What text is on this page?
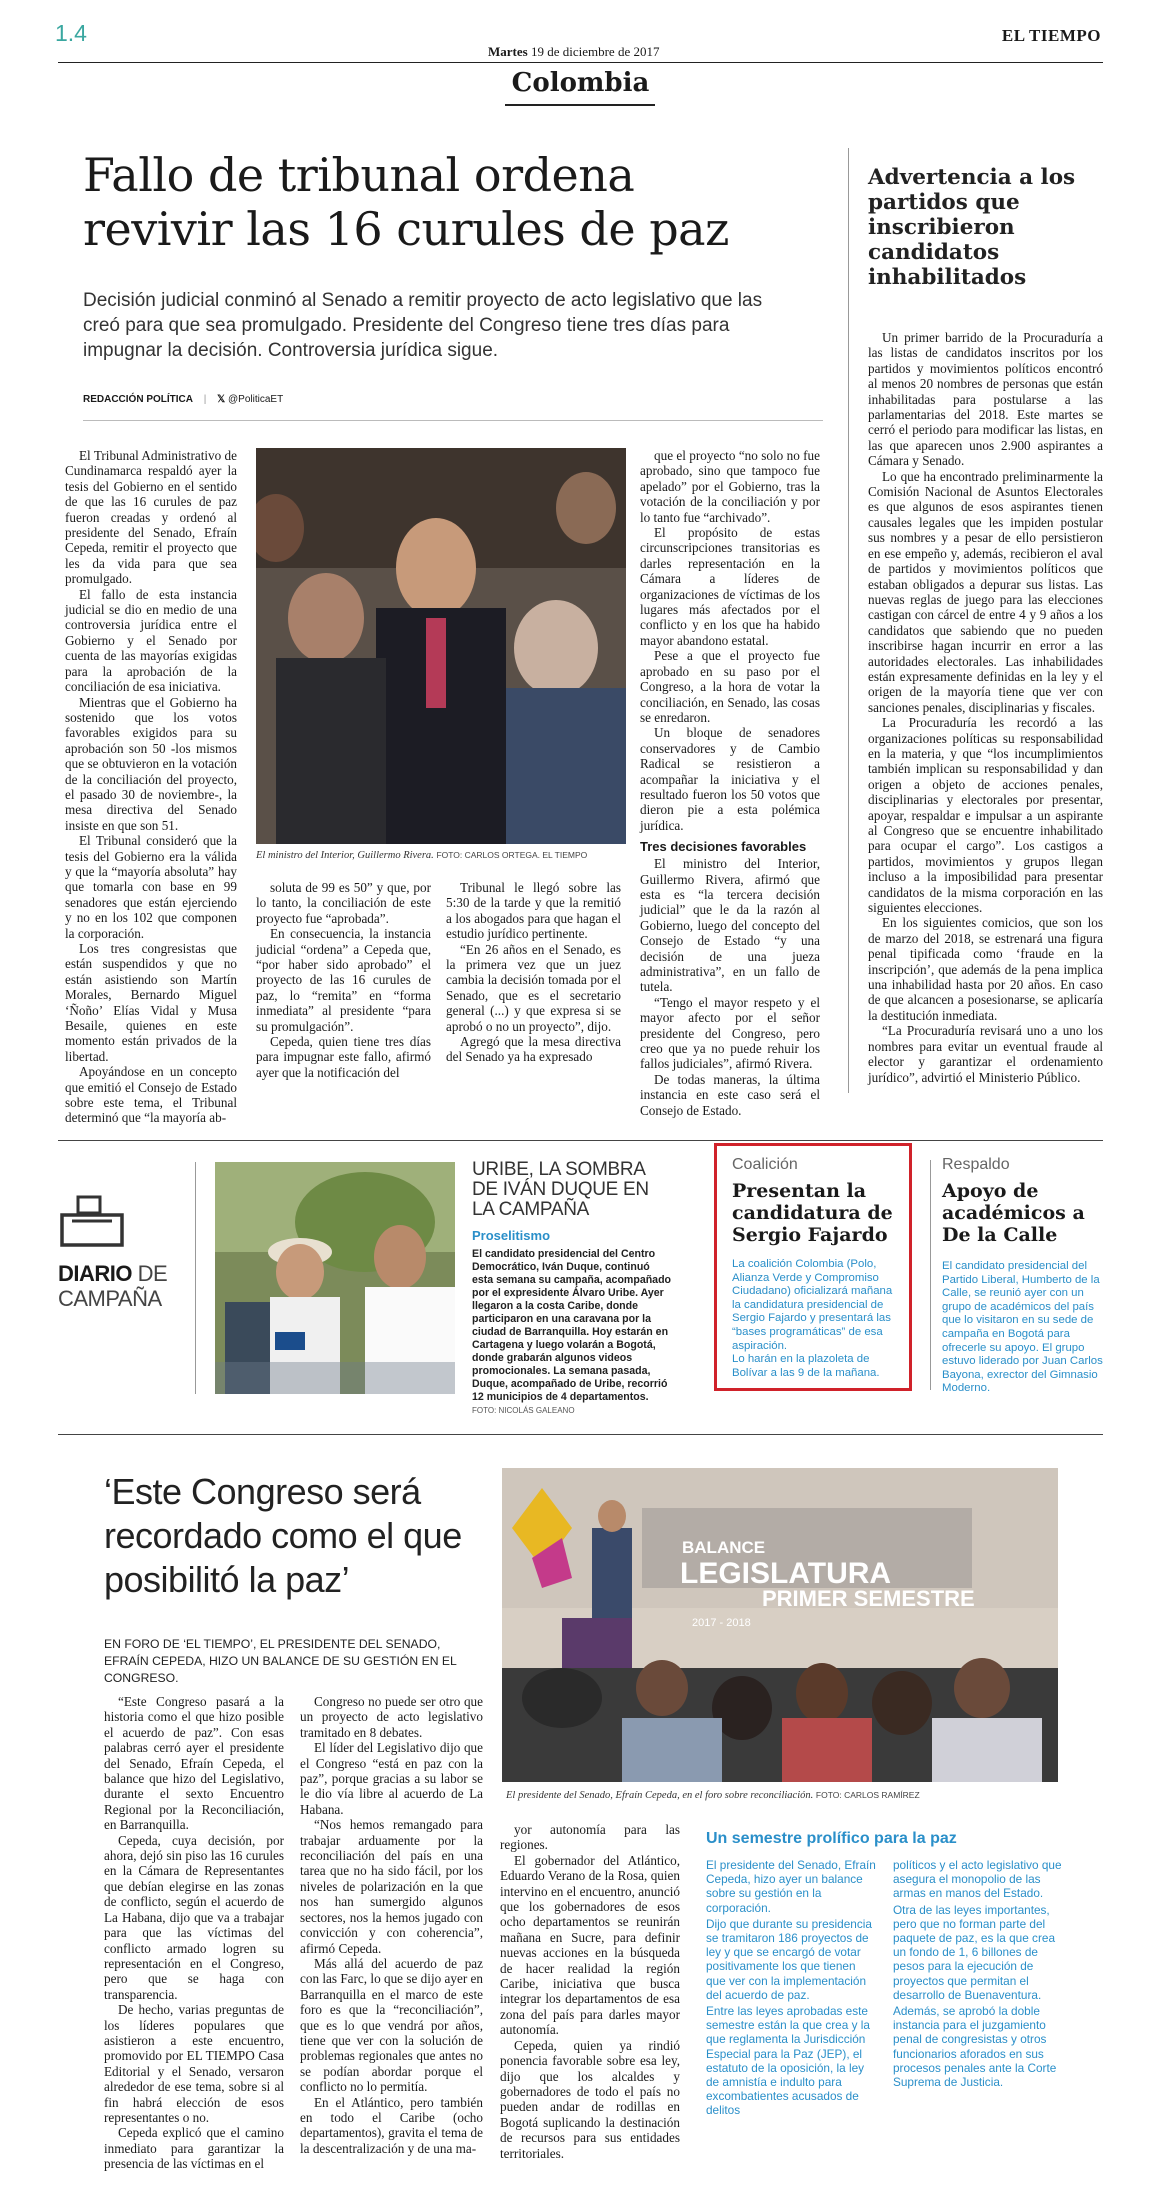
1.4
Martes 19 de diciembre de 2017
EL TIEMPO
Colombia
Fallo de tribunal ordena revivir las 16 curules de paz
Decisión judicial conminó al Senado a remitir proyecto de acto legislativo que las creó para que sea promulgado. Presidente del Congreso tiene tres días para impugnar la decisión. Controversia jurídica sigue.
REDACCIÓN POLÍTICA | 𝕏 @PoliticaET

El Tribunal Administrativo de Cundinamarca respaldó ayer la tesis del Gobierno en el sentido de que las 16 curules de paz fueron creadas y ordenó al presidente del Senado, Efraín Cepeda, remitir el proyecto que les da vida para que sea promulgado.

El fallo de esta instancia judicial se dio en medio de una controversia jurídica entre el Gobierno y el Senado por cuenta de las mayorías exigidas para la aprobación de la conciliación de esa iniciativa.

Mientras que el Gobierno ha sostenido que los votos favorables exigidos para su aprobación son 50 -los mismos que se obtuvieron en la votación de la conciliación del proyecto, el pasado 30 de noviembre-, la mesa directiva del Senado insiste en que son 51.

El Tribunal consideró que la tesis del Gobierno era la válida y que la “mayoría absoluta” hay que tomarla con base en 99 senadores que están ejerciendo y no en los 102 que componen la corporación.

Los tres congresistas que están suspendidos y que no están asistiendo son Martín Morales, Bernardo Miguel ‘Ñoño’ Elías Vidal y Musa Besaile, quienes en este momento están privados de la libertad.

Apoyándose en un concepto que emitió el Consejo de Estado sobre este tema, el Tribunal determinó que “la mayoría ab-

El ministro del Interior, Guillermo Rivera. FOTO: CARLOS ORTEGA. EL TIEMPO

soluta de 99 es 50” y que, por lo tanto, la conciliación de este proyecto fue “aprobada”.

En consecuencia, la instancia judicial “ordena” a Cepeda que, “por haber sido aprobado” el proyecto de las 16 curules de paz, lo “remita” en “forma inmediata” al presidente “para su promulgación”.

Cepeda, quien tiene tres días para impugnar este fallo, afirmó ayer que la notificación del

Tribunal le llegó sobre las 5:30 de la tarde y que la remitió a los abogados para que hagan el estudio jurídico pertinente.

“En 26 años en el Senado, es la primera vez que un juez cambia la decisión tomada por el Senado, que es el secretario general (...) y que expresa si se aprobó o no un proyecto”, dijo.

Agregó que la mesa directiva del Senado ya ha expresado

que el proyecto “no solo no fue aprobado, sino que tampoco fue apelado” por el Gobierno, tras la votación de la conciliación y por lo tanto fue “archivado”.

El propósito de estas circunscripciones transitorias es darles representación en la Cámara a líderes de organizaciones de víctimas de los lugares más afectados por el conflicto y en los que ha habido mayor abandono estatal.

Pese a que el proyecto fue aprobado en su paso por el Congreso, a la hora de votar la conciliación, en Senado, las cosas se enredaron.

Un bloque de senadores conservadores y de Cambio Radical se resistieron a acompañar la iniciativa y el resultado fueron los 50 votos que dieron pie a esta polémica jurídica.

Tres decisiones favorables

El ministro del Interior, Guillermo Rivera, afirmó que esta es “la tercera decisión judicial” que le da la razón al Gobierno, luego del concepto del Consejo de Estado “y una decisión de una jueza administrativa”, en un fallo de tutela.

“Tengo el mayor respeto y el mayor afecto por el señor presidente del Congreso, pero creo que ya no puede rehuir los fallos judiciales”, afirmó Rivera.

De todas maneras, la última instancia en este caso será el Consejo de Estado.

Advertencia a los partidos que inscribieron candidatos inhabilitados

Un primer barrido de la Procuraduría a las listas de candidatos inscritos por los partidos y movimientos políticos encontró al menos 20 nombres de personas que están inhabilitadas para postularse a las parlamentarias del 2018. Este martes se cerró el periodo para modificar las listas, en las que aparecen unos 2.900 aspirantes a Cámara y Senado.

Lo que ha encontrado preliminarmente la Comisión Nacional de Asuntos Electorales es que algunos de esos aspirantes tienen causales legales que les impiden postular sus nombres y a pesar de ello persistieron en ese empeño y, además, recibieron el aval de partidos y movimientos políticos que estaban obligados a depurar sus listas. Las nuevas reglas de juego para las elecciones castigan con cárcel de entre 4 y 9 años a los candidatos que sabiendo que no pueden inscribirse hagan incurrir en error a las autoridades electorales. Las inhabilidades están expresamente definidas en la ley y el origen de la mayoría tiene que ver con sanciones penales, disciplinarias y fiscales.

La Procuraduría les recordó a las organizaciones políticas su responsabilidad en la materia, y que “los incumplimientos también implican su responsabilidad y dan origen a objeto de acciones penales, disciplinarias y electorales por presentar, apoyar, respaldar e impulsar a un aspirante al Congreso que se encuentre inhabilitado para ocupar el cargo”. Los castigos a partidos, movimientos y grupos llegan incluso a la imposibilidad para presentar candidatos de la misma corporación en las siguientes elecciones.

En los siguientes comicios, que son los de marzo del 2018, se estrenará una figura penal tipificada como ‘fraude en la inscripción’, que además de la pena implica una inhabilidad hasta por 20 años. En caso de que alcancen a posesionarse, se aplicaría la destitución inmediata.

“La Procuraduría revisará uno a uno los nombres para evitar un eventual fraude al elector y garantizar el ordenamiento jurídico”, advirtió el Ministerio Público.

DIARIO DE
CAMPAÑA
URIBE, LA SOMBRA DE IVÁN DUQUE EN LA CAMPAÑA
Proselitismo
El candidato presidencial del Centro Democrático, Iván Duque, continuó esta semana su campaña, acompañado por el expresidente Álvaro Uribe. Ayer llegaron a la costa Caribe, donde participaron en una caravana por la ciudad de Barranquilla. Hoy estarán en Cartagena y luego volarán a Bogotá, donde grabarán algunos videos promocionales. La semana pasada, Duque, acompañado de Uribe, recorrió 12 municipios de 4 departamentos. FOTO: NICOLÁS GALEANO
Coalición
Presentan la candidatura de Sergio Fajardo
La coalición Colombia (Polo, Alianza Verde y Compromiso Ciudadano) oficializará mañana la candidatura presidencial de Sergio Fajardo y presentará las “bases programáticas” de esa aspiración.
Lo harán en la plazoleta de Bolívar a las 9 de la mañana.
Respaldo
Apoyo de académicos a De la Calle
El candidato presidencial del Partido Liberal, Humberto de la Calle, se reunió ayer con un grupo de académicos del país que lo visitaron en su sede de campaña en Bogotá para ofrecerle su apoyo. El grupo estuvo liderado por Juan Carlos Bayona, exrector del Gimnasio Moderno.
‘Este Congreso será recordado como el que posibilitó la paz’
EN FORO DE ‘EL TIEMPO’, EL PRESIDENTE DEL SENADO, EFRAÍN CEPEDA, HIZO UN BALANCE DE SU GESTIÓN EN EL CONGRESO.
BALANCE
LEGISLATURA
PRIMER SEMESTRE
2017 - 2018
El presidente del Senado, Efraín Cepeda, en el foro sobre reconciliación. FOTO: CARLOS RAMÍREZ

“Este Congreso pasará a la historia como el que hizo posible el acuerdo de paz”. Con esas palabras cerró ayer el presidente del Senado, Efraín Cepeda, el balance que hizo del Legislativo, durante el sexto Encuentro Regional por la Reconciliación, en Barranquilla.

Cepeda, cuya decisión, por ahora, dejó sin piso las 16 curules en la Cámara de Representantes que debían elegirse en las zonas de conflicto, según el acuerdo de La Habana, dijo que va a trabajar para que las víctimas del conflicto armado logren su representación en el Congreso, pero que se haga con transparencia.

De hecho, varias preguntas de los líderes populares que asistieron a este encuentro, promovido por EL TIEMPO Casa Editorial y el Senado, versaron alrededor de ese tema, sobre si al fin habrá elección de esos representantes o no.

Cepeda explicó que el camino inmediato para garantizar la presencia de las víctimas en el

Congreso no puede ser otro que un proyecto de acto legislativo tramitado en 8 debates.

El líder del Legislativo dijo que el Congreso “está en paz con la paz”, porque gracias a su labor se le dio vía libre al acuerdo de La Habana.

“Nos hemos remangado para trabajar arduamente por la reconciliación del país en una tarea que no ha sido fácil, por los niveles de polarización en la que nos han sumergido algunos sectores, nos la hemos jugado con convicción y con coherencia”, afirmó Cepeda.

Más allá del acuerdo de paz con las Farc, lo que se dijo ayer en Barranquilla en el marco de este foro es que la “reconciliación”, que es lo que vendrá por años, tiene que ver con la solución de problemas regionales que antes no se podían abordar porque el conflicto no lo permitía.

En el Atlántico, pero también en todo el Caribe (ocho departamentos), gravita el tema de la descentralización y de una ma-

yor autonomía para las regiones.

El gobernador del Atlántico, Eduardo Verano de la Rosa, quien intervino en el encuentro, anunció que los gobernadores de esos ocho departamentos se reunirán mañana en Sucre, para definir nuevas acciones en la búsqueda de hacer realidad la región Caribe, iniciativa que busca integrar los departamentos de esa zona del país para darles mayor autonomía.

Cepeda, quien ya rindió ponencia favorable sobre esa ley, dijo que los alcaldes y gobernadores de todo el país no pueden andar de rodillas en Bogotá suplicando la destinación de recursos para sus entidades territoriales.

Un semestre prolífico para la paz
El presidente del Senado, Efraín Cepeda, hizo ayer un balance sobre su gestión en la corporación.
Dijo que durante su presidencia se tramitaron 186 proyectos de ley y que se encargó de votar positivamente los que tienen que ver con la implementación del acuerdo de paz.
Entre las leyes aprobadas este semestre están la que crea y la que reglamenta la Jurisdicción Especial para la Paz (JEP), el estatuto de la oposición, la ley de amnistía e indulto para excombatientes acusados de delitos
políticos y el acto legislativo que asegura el monopolio de las armas en manos del Estado.
Otra de las leyes importantes, pero que no forman parte del paquete de paz, es la que crea un fondo de 1, 6 billones de pesos para la ejecución de proyectos que permitan el desarrollo de Buenaventura.
Además, se aprobó la doble instancia para el juzgamiento penal de congresistas y otros funcionarios aforados en sus procesos penales ante la Corte Suprema de Justicia.
